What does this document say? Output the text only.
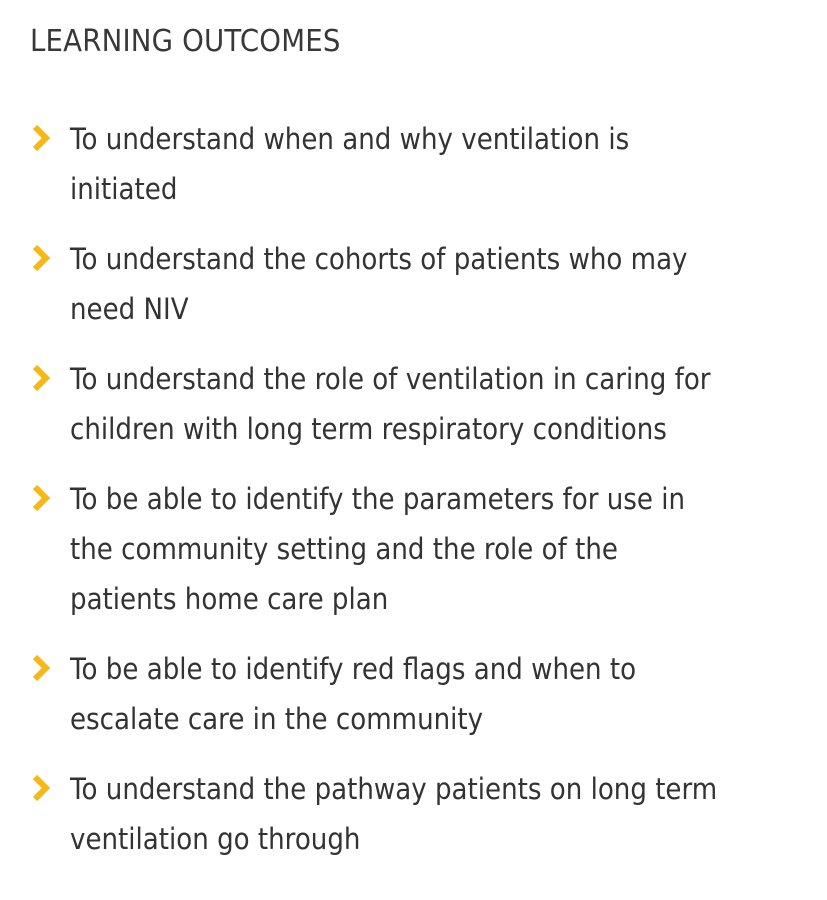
LEARNING OUTCOMES
To understand when and why ventilation is
initiated
To understand the cohorts of patients who may
need NIV
To understand the role of ventilation in caring for
children with long term respiratory conditions
To be able to identify the parameters for use in
the community setting and the role of the
patients home care plan
To be able to identify red flags and when to
escalate care in the community
To understand the pathway patients on long term
ventilation go through
